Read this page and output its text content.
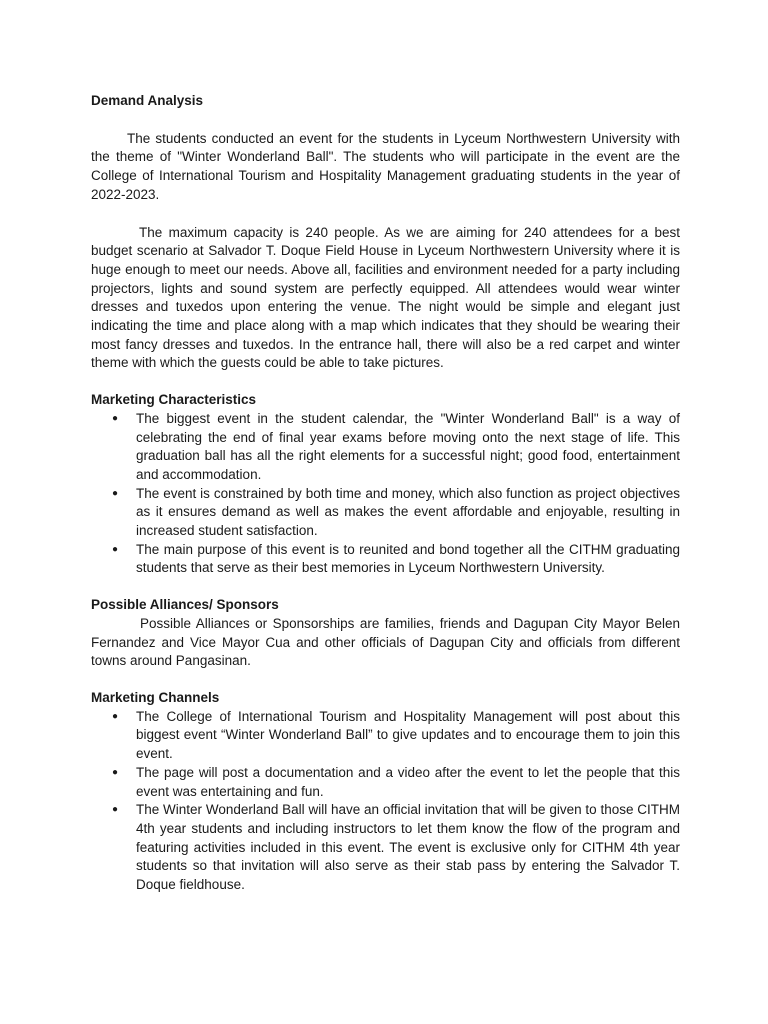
Demand Analysis

The students conducted an event for the students in Lyceum Northwestern University with the theme of "Winter Wonderland Ball". The students who will participate in the event are the College of International Tourism and Hospitality Management graduating students in the year of 2022-2023.

The maximum capacity is 240 people. As we are aiming for 240 attendees for a best budget scenario at Salvador T. Doque Field House in Lyceum Northwestern University where it is huge enough to meet our needs. Above all, facilities and environment needed for a party including projectors, lights and sound system are perfectly equipped. All attendees would wear winter dresses and tuxedos upon entering the venue. The night would be simple and elegant just indicating the time and place along with a map which indicates that they should be wearing their most fancy dresses and tuxedos. In the entrance hall, there will also be a red carpet and winter theme with which the guests could be able to take pictures.

Marketing Characteristics
● The biggest event in the student calendar, the "Winter Wonderland Ball" is a way of celebrating the end of final year exams before moving onto the next stage of life. This graduation ball has all the right elements for a successful night; good food, entertainment and accommodation.
● The event is constrained by both time and money, which also function as project objectives as it ensures demand as well as makes the event affordable and enjoyable, resulting in increased student satisfaction.
● The main purpose of this event is to reunited and bond together all the CITHM graduating students that serve as their best memories in Lyceum Northwestern University.
Possible Alliances/ Sponsors

Possible Alliances or Sponsorships are families, friends and Dagupan City Mayor Belen Fernandez and Vice Mayor Cua and other officials of Dagupan City and officials from different towns around Pangasinan.

Marketing Channels
● The College of International Tourism and Hospitality Management will post about this biggest event “Winter Wonderland Ball” to give updates and to encourage them to join this event.
● The page will post a documentation and a video after the event to let the people that this event was entertaining and fun.
● The Winter Wonderland Ball will have an official invitation that will be given to those CITHM 4th year students and including instructors to let them know the flow of the program and featuring activities included in this event. The event is exclusive only for CITHM 4th year students so that invitation will also serve as their stab pass by entering the Salvador T. Doque fieldhouse.
